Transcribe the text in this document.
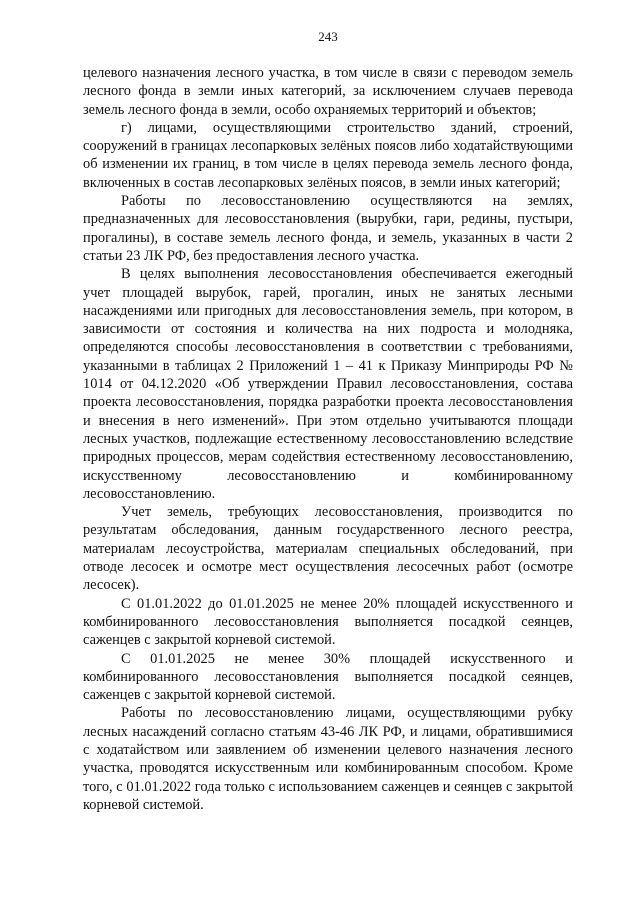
243

целевого назначения лесного участка, в том числе в связи с переводом земель лесного фонда в земли иных категорий, за исключением случаев перевода земель лесного фонда в земли, особо охраняемых территорий и объектов;

г) лицами, осуществляющими строительство зданий, строений, сооружений в границах лесопарковых зелёных поясов либо ходатайствующими об изменении их границ, в том числе в целях перевода земель лесного фонда, включенных в состав лесопарковых зелёных поясов, в земли иных категорий;

Работы по лесовосстановлению осуществляются на землях, предназначенных для лесовосстановления (вырубки, гари, редины, пустыри, прогалины), в составе земель лесного фонда, и земель, указанных в части 2 статьи 23 ЛК РФ, без предоставления лесного участка.

В целях выполнения лесовосстановления обеспечивается ежегодный учет площадей вырубок, гарей, прогалин, иных не занятых лесными насаждениями или пригодных для лесовосстановления земель, при котором, в зависимости от состояния и количества на них подроста и молодняка, определяются способы лесовосстановления в соответствии с требованиями, указанными в таблицах 2 Приложений 1 – 41 к Приказу Минприроды РФ № 1014 от 04.12.2020 «Об утверждении Правил лесовосстановления, состава проекта лесовосстановления, порядка разработки проекта лесовосстановления и внесения в него изменений». При этом отдельно учитываются площади лесных участков, подлежащие естественному лесовосстановлению вследствие природных процессов, мерам содействия естественному лесовосстановлению, искусственному лесовосстановлению и комбинированному лесовосстановлению.

Учет земель, требующих лесовосстановления, производится по результатам обследования, данным государственного лесного реестра, материалам лесоустройства, материалам специальных обследований, при отводе лесосек и осмотре мест осуществления лесосечных работ (осмотре лесосек).

С 01.01.2022 до 01.01.2025 не менее 20% площадей искусственного и комбинированного лесовосстановления выполняется посадкой сеянцев, саженцев с закрытой корневой системой.

С 01.01.2025 не менее 30% площадей искусственного и комбинированного лесовосстановления выполняется посадкой сеянцев, саженцев с закрытой корневой системой.

Работы по лесовосстановлению лицами, осуществляющими рубку лесных насаждений согласно статьям 43-46 ЛК РФ, и лицами, обратившимися с ходатайством или заявлением об изменении целевого назначения лесного участка, проводятся искусственным или комбинированным способом. Кроме того, с 01.01.2022 года только с использованием саженцев и сеянцев с закрытой корневой системой.
